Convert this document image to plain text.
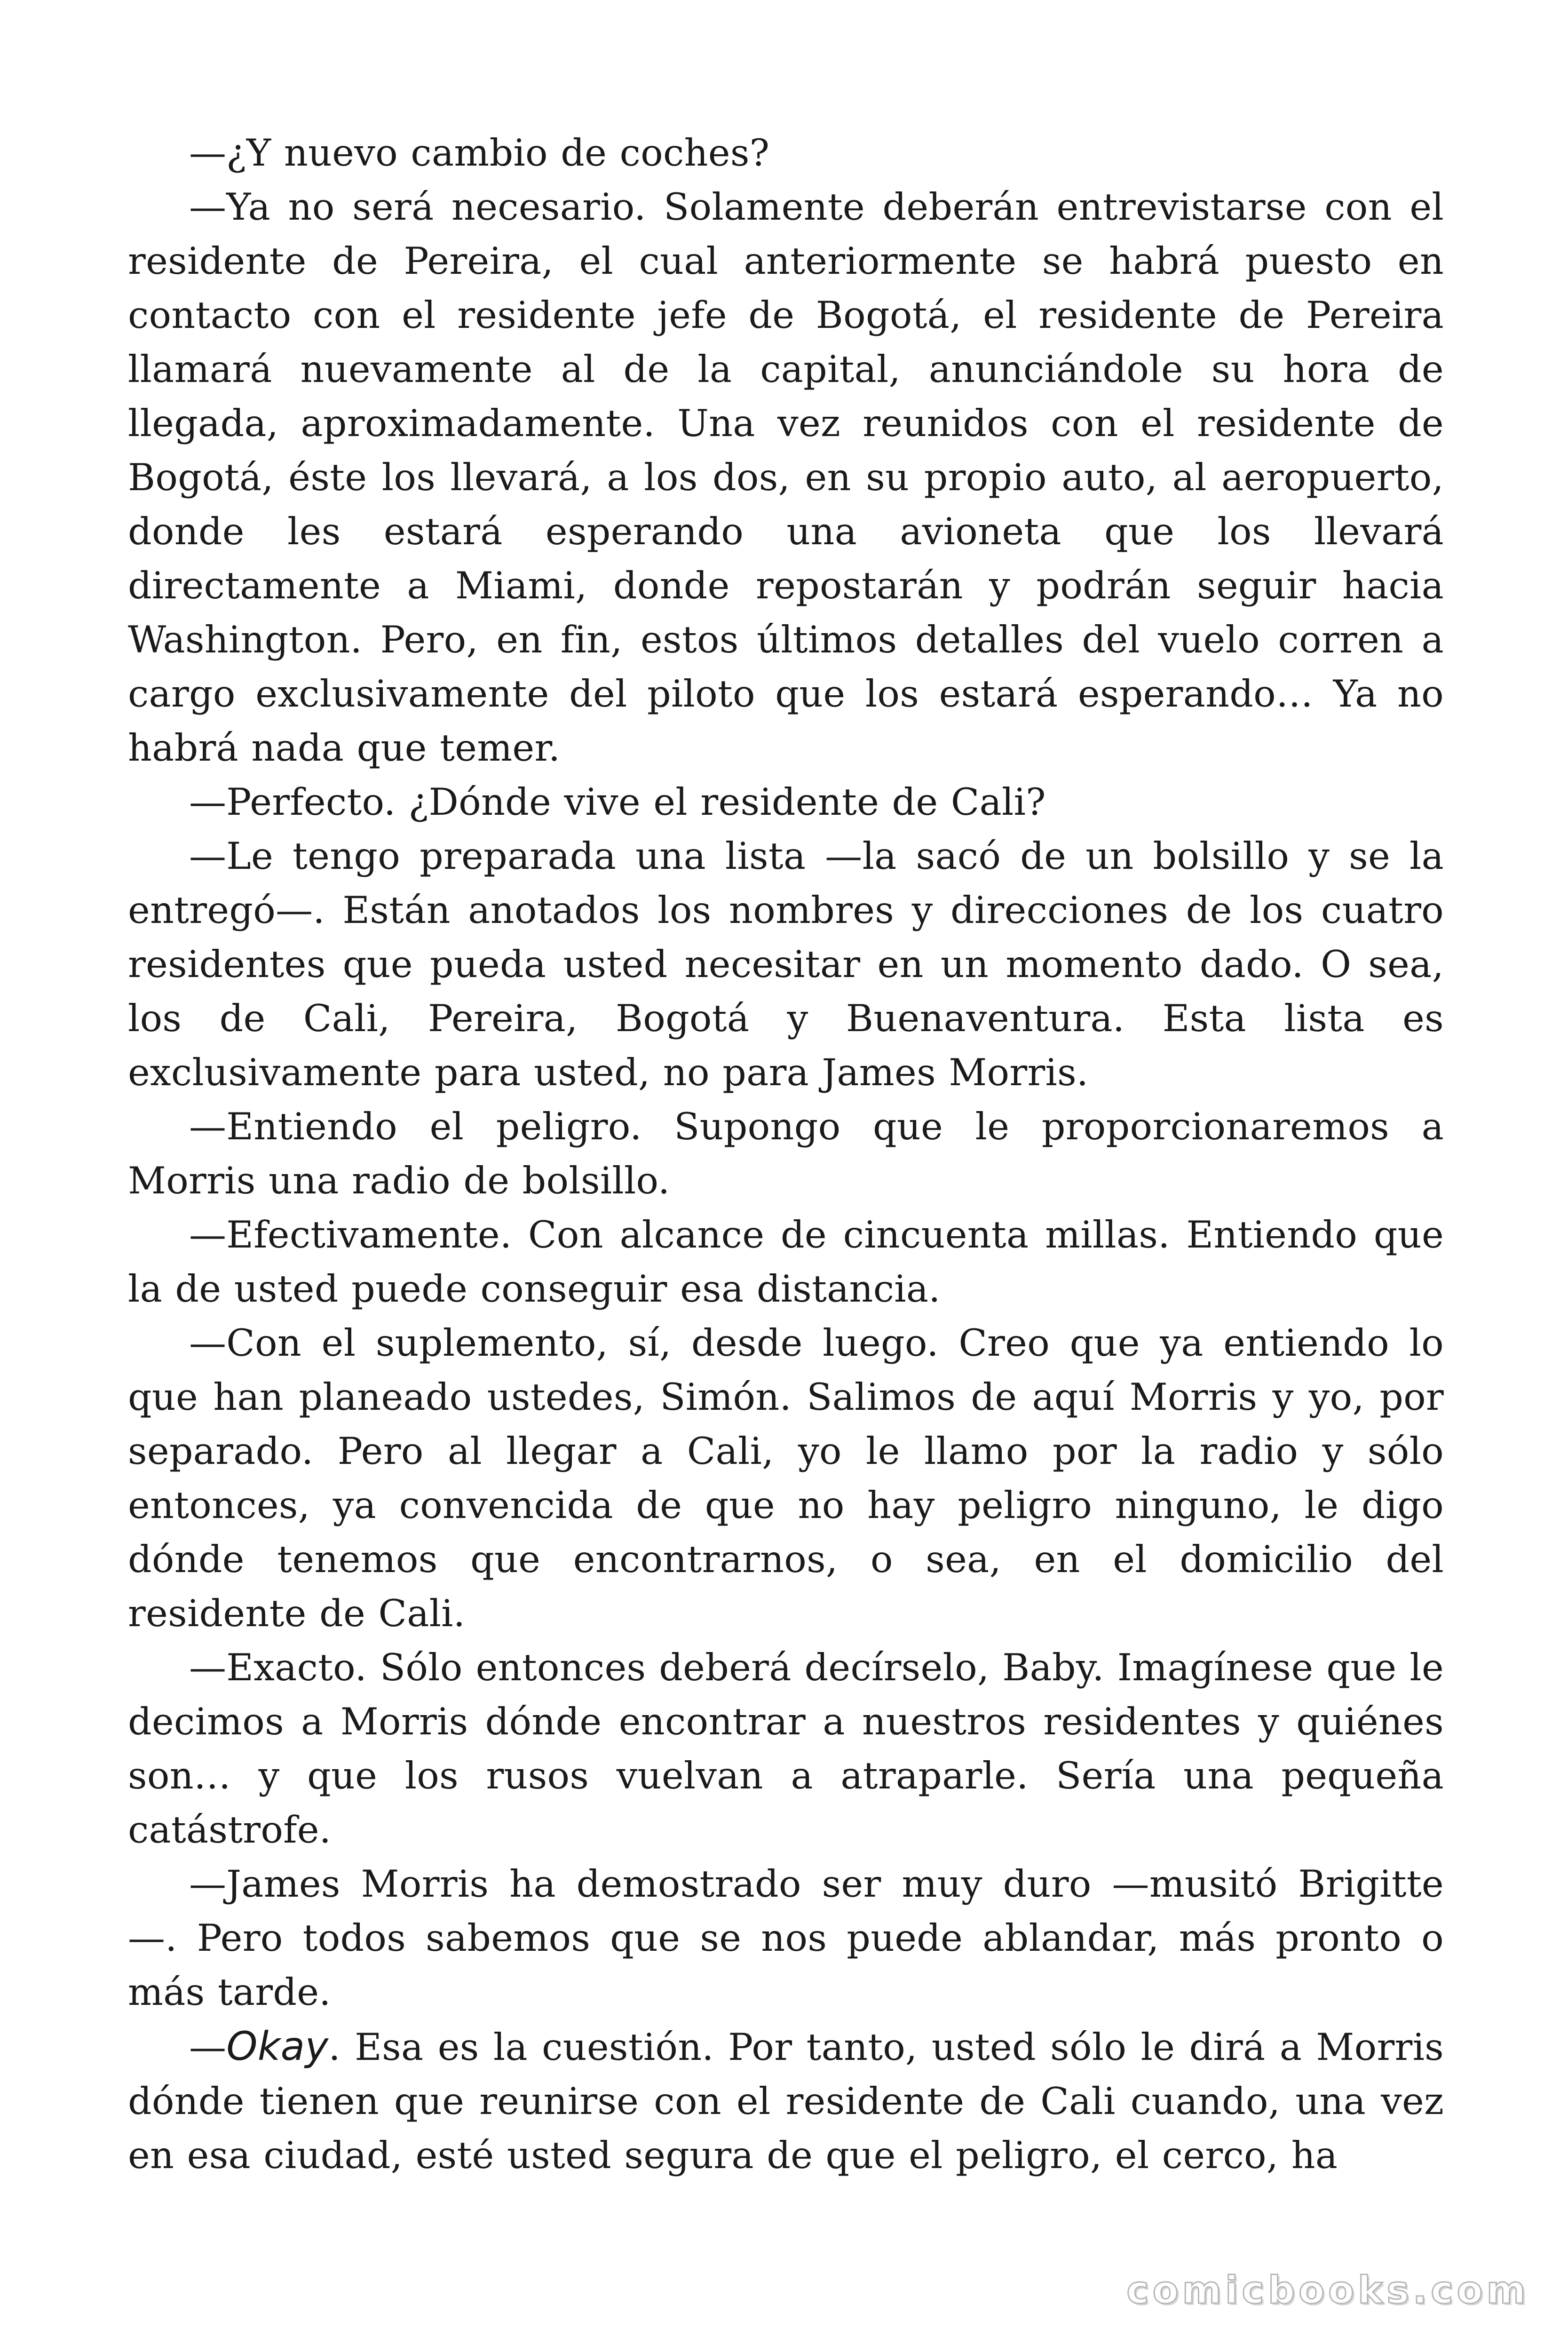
—¿Y nuevo cambio de coches?

—Ya no será necesario. Solamente deberán entrevistarse con el residente de Pereira, el cual anteriormente se habrá puesto en contacto con el residente jefe de Bogotá, el residente de Pereira llamará nuevamente al de la capital, anunciándole su hora de llegada, aproximadamente. Una vez reunidos con el residente de Bogotá, éste los llevará, a los dos, en su propio auto, al aeropuerto, donde les estará esperando una avioneta que los llevará directamente a Miami, donde repostarán y podrán seguir hacia Washington. Pero, en fin, estos últimos detalles del vuelo corren a cargo exclusivamente del piloto que los estará esperando… Ya no habrá nada que temer.

—Perfecto. ¿Dónde vive el residente de Cali?

—Le tengo preparada una lista —la sacó de un bolsillo y se la entregó—. Están anotados los nombres y direcciones de los cuatro residentes que pueda usted necesitar en un momento dado. O sea, los de Cali, Pereira, Bogotá y Buenaventura. Esta lista es exclusivamente para usted, no para James Morris.

—Entiendo el peligro. Supongo que le proporcionaremos a Morris una radio de bolsillo.

—Efectivamente. Con alcance de cincuenta millas. Entiendo que la de usted puede conseguir esa distancia.

—Con el suplemento, sí, desde luego. Creo que ya entiendo lo que han planeado ustedes, Simón. Salimos de aquí Morris y yo, por separado. Pero al llegar a Cali, yo le llamo por la radio y sólo entonces, ya convencida de que no hay peligro ninguno, le digo dónde tenemos que encontrarnos, o sea, en el domicilio del residente de Cali.

—Exacto. Sólo entonces deberá decírselo, Baby. Imagínese que le decimos a Morris dónde encontrar a nuestros residentes y quiénes son… y que los rusos vuelvan a atraparle. Sería una pequeña catástrofe.

—James Morris ha demostrado ser muy duro —musitó Brigitte —. Pero todos sabemos que se nos puede ablandar, más pronto o más tarde.

—Okay. Esa es la cuestión. Por tanto, usted sólo le dirá a Morris dónde tienen que reunirse con el residente de Cali cuando, una vez en esa ciudad, esté usted segura de que el peligro, el cerco, ha

comicbooks.com
